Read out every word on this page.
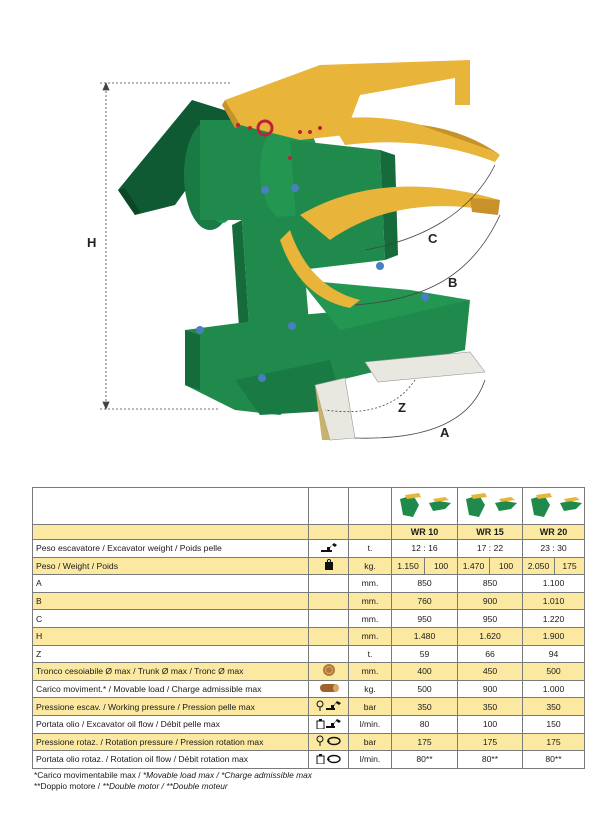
H	C
B
Z
A

			WR 10		WR 15		WR 20	
Peso escavatore / Excavator weight / Poids pelle		t.	12 : 16		17 : 22		23 : 30	
Peso / Weight / Poids		kg.	1.150	100	1.470	100	2.050	175
A		mm.	850		850		1.100	
B		mm.	760		900		1.010	
C		mm.	950		950		1.220	
H		mm.	1.480		1.620		1.900	
Z		t.	59		66		94	
Tronco cesoiabile Ø max / Trunk Ø max / Tronc Ø max		mm.	400		450		500	
Carico moviment.* / Movable load / Charge admissible max		kg.	500		900		1.000	
Pressione escav. / Working pressure / Pression pelle max		bar	350		350		350	
Portata olio / Excavator oil flow / Débit pelle max		l/min.	80		100		150	
Pressione rotaz. / Rotation pressure / Pression rotation max		bar	175		175		175	
Portata olio rotaz. / Rotation oil flow / Débit rotation max		l/min.	80**		80**		80**	
*Carico movimentabile max / *Movable load max / *Charge admissible max
**Doppio motore / **Double motor / **Double moteur
